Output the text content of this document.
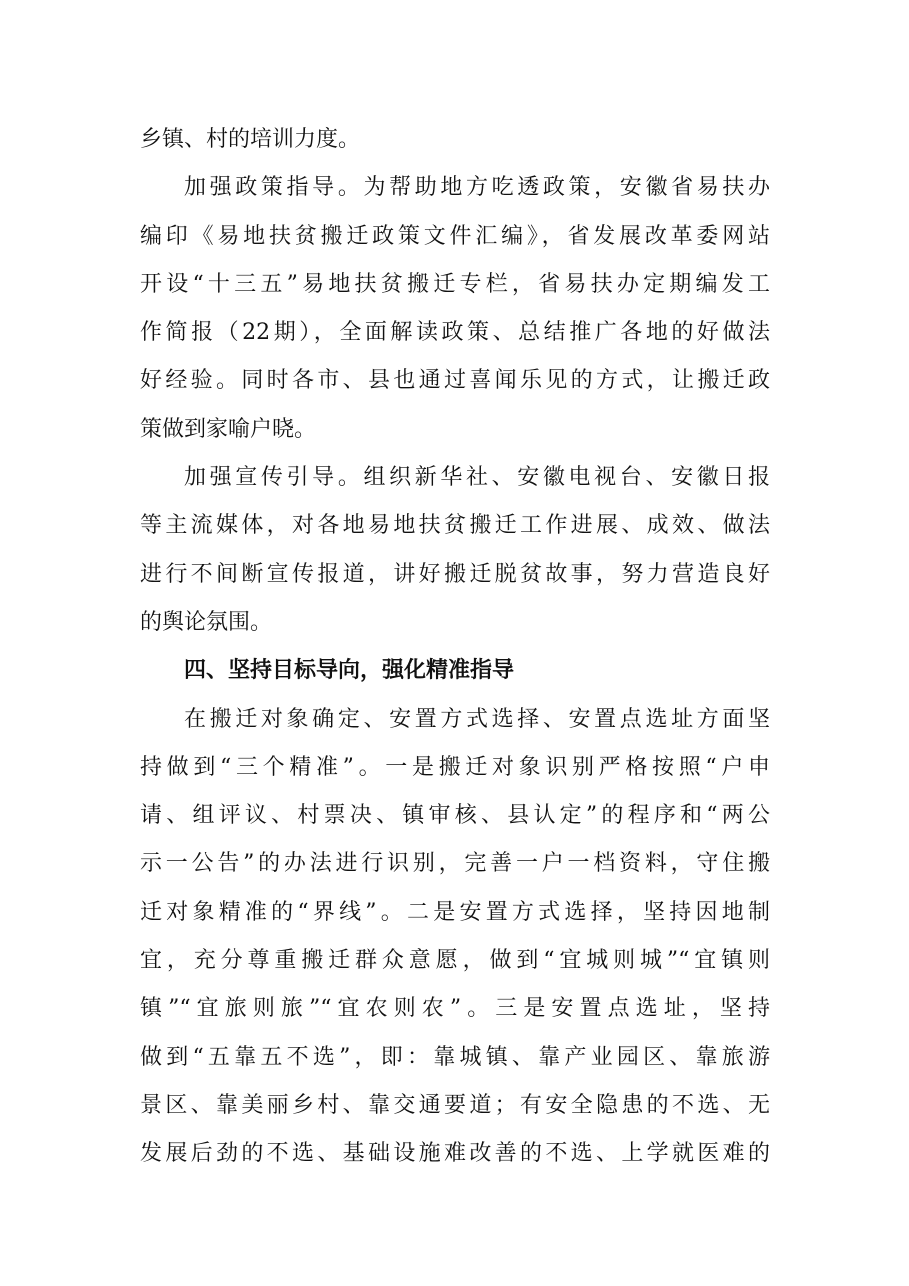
乡镇、村的培训力度。
加强政策指导。为帮助地方吃透政策，安徽省易扶办
编印《易地扶贫搬迁政策文件汇编》，省发展改革委网站
开设“十三五”易地扶贫搬迁专栏，省易扶办定期编发工
作简报（22期），全面解读政策、总结推广各地的好做法
好经验。同时各市、县也通过喜闻乐见的方式，让搬迁政
策做到家喻户晓。
加强宣传引导。组织新华社、安徽电视台、安徽日报
等主流媒体，对各地易地扶贫搬迁工作进展、成效、做法
进行不间断宣传报道，讲好搬迁脱贫故事，努力营造良好
的舆论氛围。
四、坚持目标导向，强化精准指导
在搬迁对象确定、安置方式选择、安置点选址方面坚
持做到“三个精准”。一是搬迁对象识别严格按照“户申
请、组评议、村票决、镇审核、县认定”的程序和“两公
示一公告”的办法进行识别，完善一户一档资料，守住搬
迁对象精准的“界线”。二是安置方式选择，坚持因地制
宜，充分尊重搬迁群众意愿，做到“宜城则城”“宜镇则
镇”“宜旅则旅”“宜农则农”。三是安置点选址，坚持
做到“五靠五不选”，即：靠城镇、靠产业园区、靠旅游
景区、靠美丽乡村、靠交通要道；有安全隐患的不选、无
发展后劲的不选、基础设施难改善的不选、上学就医难的
